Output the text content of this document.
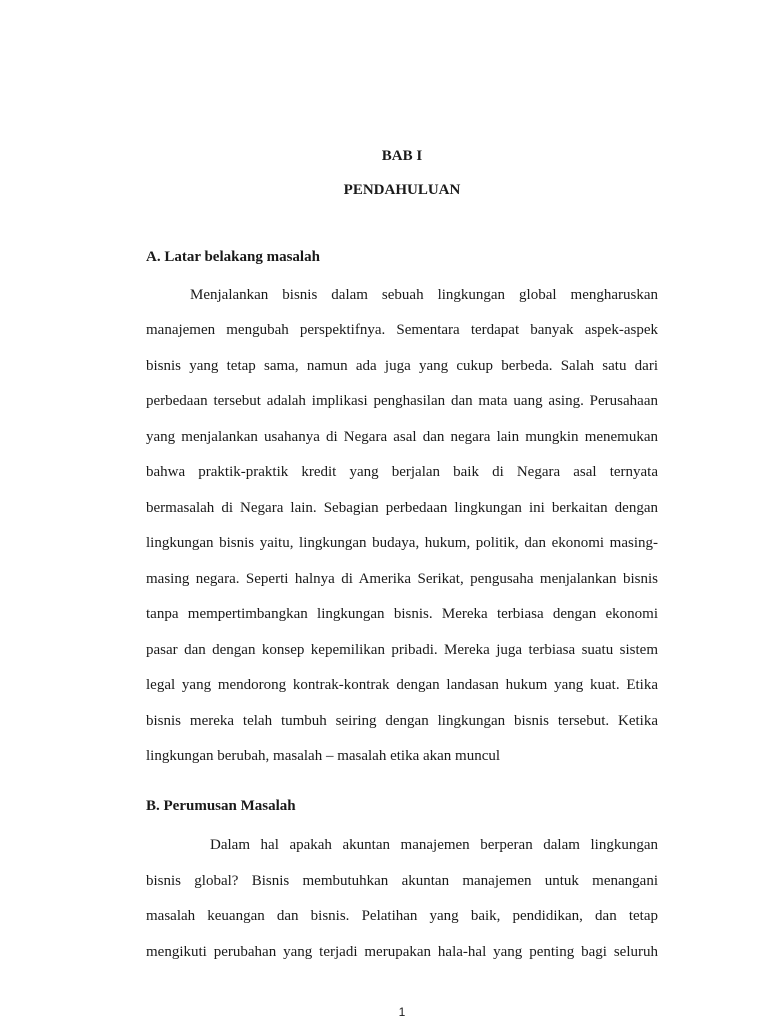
BAB I
PENDAHULUAN
A. Latar belakang masalah
Menjalankan bisnis dalam sebuah lingkungan global mengharuskan
manajemen mengubah perspektifnya. Sementara terdapat banyak aspek-aspek
bisnis yang tetap sama, namun ada juga yang cukup berbeda. Salah satu dari
perbedaan tersebut adalah implikasi penghasilan dan mata uang asing. Perusahaan
yang menjalankan usahanya di Negara asal dan negara lain mungkin menemukan
bahwa praktik-praktik kredit yang berjalan baik di Negara asal ternyata
bermasalah di Negara lain. Sebagian perbedaan lingkungan ini berkaitan dengan
lingkungan bisnis yaitu, lingkungan budaya, hukum, politik, dan ekonomi masing-
masing negara. Seperti halnya di Amerika Serikat, pengusaha menjalankan bisnis
tanpa mempertimbangkan lingkungan bisnis. Mereka terbiasa dengan ekonomi
pasar dan dengan konsep kepemilikan pribadi. Mereka juga terbiasa suatu sistem
legal yang mendorong kontrak-kontrak dengan landasan hukum yang kuat. Etika
bisnis mereka telah tumbuh seiring dengan lingkungan bisnis tersebut. Ketika
lingkungan berubah, masalah – masalah etika akan muncul
B. Perumusan Masalah
Dalam hal apakah akuntan manajemen berperan dalam lingkungan
bisnis global? Bisnis membutuhkan akuntan manajemen untuk menangani
masalah keuangan dan bisnis. Pelatihan yang baik, pendidikan, dan tetap
mengikuti perubahan yang terjadi merupakan hala-hal yang penting bagi seluruh
1
